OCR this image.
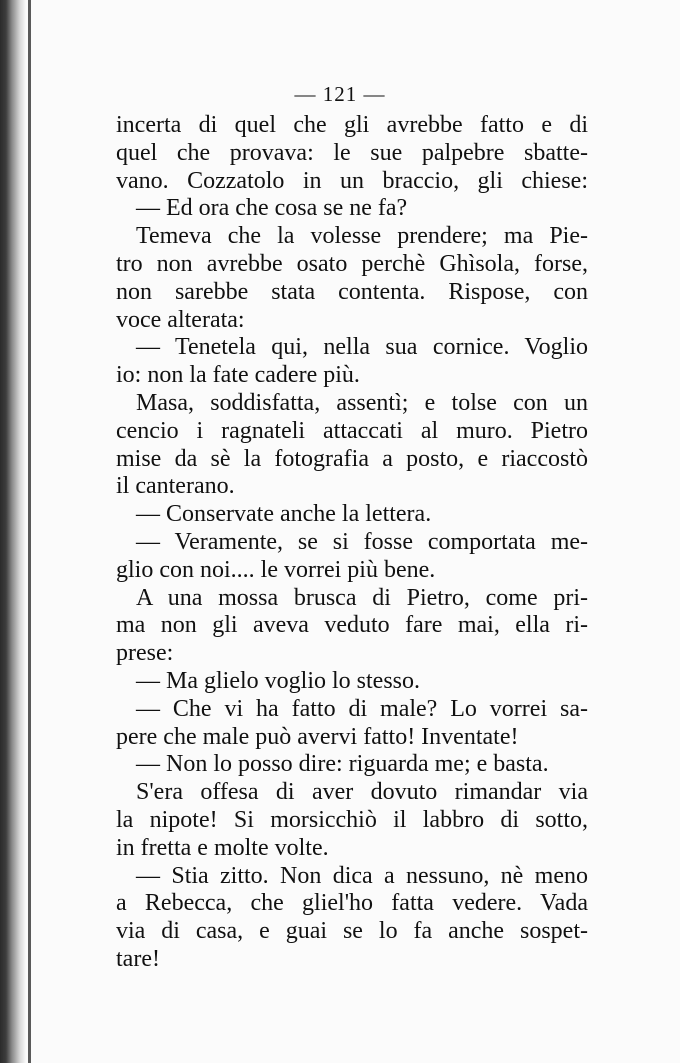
— 121 —
incerta di quel che gli avrebbe fatto e di
quel che provava: le sue palpebre sbatte-
vano. Cozzatolo in un braccio, gli chiese:
— Ed ora che cosa se ne fa?
Temeva che la volesse prendere; ma Pie-
tro non avrebbe osato perchè Ghìsola, forse,
non sarebbe stata contenta. Rispose, con
voce alterata:
— Tenetela qui, nella sua cornice. Voglio
io: non la fate cadere più.
Masa, soddisfatta, assentì; e tolse con un
cencio i ragnateli attaccati al muro. Pietro
mise da sè la fotografia a posto, e riaccostò
il canterano.
— Conservate anche la lettera.
— Veramente, se si fosse comportata me-
glio con noi.... le vorrei più bene.
A una mossa brusca di Pietro, come pri-
ma non gli aveva veduto fare mai, ella ri-
prese:
— Ma glielo voglio lo stesso.
— Che vi ha fatto di male? Lo vorrei sa-
pere che male può avervi fatto! Inventate!
— Non lo posso dire: riguarda me; e basta.
S'era offesa di aver dovuto rimandar via
la nipote! Si morsicchiò il labbro di sotto,
in fretta e molte volte.
— Stia zitto. Non dica a nessuno, nè meno
a Rebecca, che gliel'ho fatta vedere. Vada
via di casa, e guai se lo fa anche sospet-
tare!
